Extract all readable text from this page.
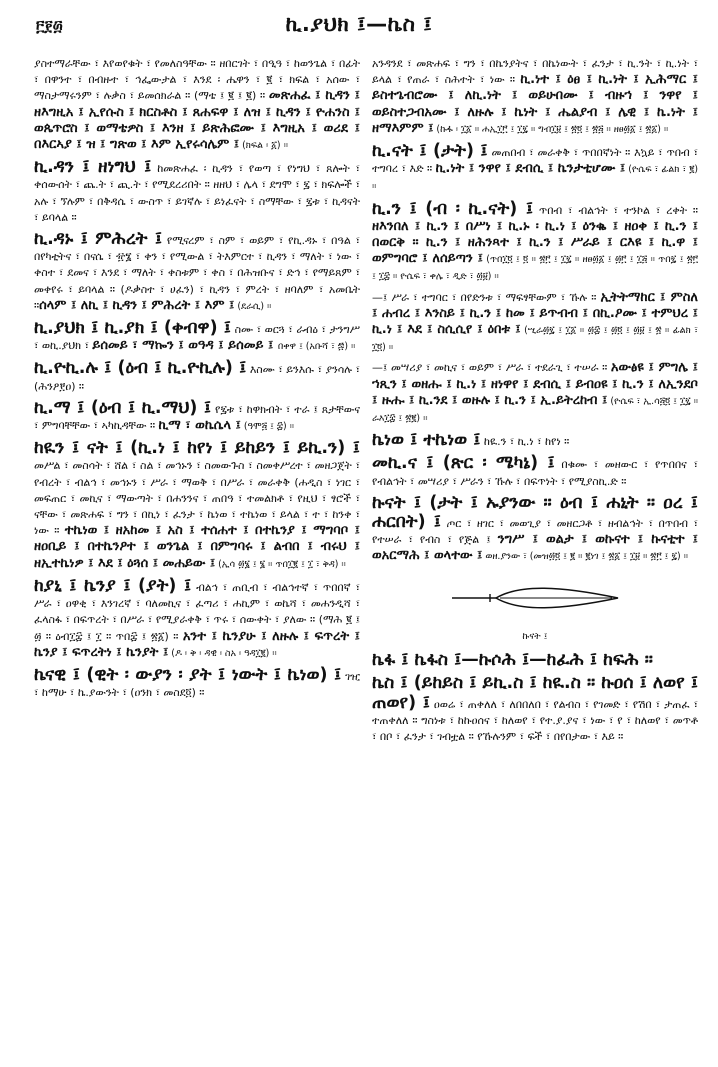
፫፻፴	ኪ.ያህክ ፤—ኬስ ፤

ያስተማራቸው ፣ እየወየቁት ፣ የመለስዓቸው ። ዘበርገት ፣ በዒዓ ፣ ከወንጌል ፣ በፊት ፣ በዋንተ ፣ በብዙተ ፣ ኅፌውታል ፣ እንደ ፡ ሔዋን ፣ ፪ ፣ ክፍል ፣ አሰው ፣ ማስታማሩንም ፣ ሉቃስ ፣ ይመሰክራል ። (ማቴ ፤ ፪ ፤ ፪) ። መጽሐፈ ፤ ኪዳን ፤ ዘእግዚአ ፤ ኢየሱስ ፤ ክርስቶስ ፤ ጸሐፍዋ ፤ ለዝ ፤ ኪዳን ፤ ዮሐንስ ፤ ወጴጥሮስ ፤ ወማቴዎስ ፤ እንዘ ፤ ይጽሕፎሙ ፤ እግዚአ ፤ ወሪደ ፤ በእርኣያ ፤ ዝ ፤ ግጽወ ፤ እም ኢየሩሳሌም ፤ (ክፍል ፡ ፩) ።

ኪ.ዳን ፤ ዘነግህ ፤ ከመጽሐፈ ፡ ኪዳን ፣ የወጣ ፣ የነግህ ፣ ጸሎት ፣ ቀሰውሰት ፣ ጨ.ት ፣ ጪ.ት ፣ የሚደረሪበት ። ዘዘህ ፣ ሌላ ፣ ደግሞ ፣ ፯ ፣ ክፍሎች ፣ አሉ ፣ ኘሉም ፣ በቅዳሴ ፣ ውስጥ ፣ ይገኛሉ ፣ ይነፈናት ፣ ስማቸው ፣ ፯ቱ ፣ ኪዳናት ፣ ይባላል ።

ኪ.ዳኑ ፤ ምሕረት ፤ የሚናረም ፣ ስም ፣ ወይም ፣ የኪ.ዳኑ ፣ በዓል ፣ በየካቲትና ፣ በናሴ ፣ ፹፮ ፣ ቀን ፣ የሚውል ፣ ትእምርተ ፣ ኪዳን ፣ ማለት ፣ ነው ፣ ቀስተ ፣ ደመና ፣ እንደ ፣ ማለት ፣ ቀስቱም ፣ ቀስ ፣ በሕዝቡና ፣ ድኅ ፣ የማይጸም ፣ መቀየሩ ፣ ይባላል ። (ዶቃስተ ፣ ሀፈን) ፣ ኪዳን ፣ ምረት ፣ ዘባለም ፣ አመቤት ።ሰላም ፤ ለኪ ፤ ኪዳን ፤ ምሕረት ፤ እም ፤ (ደራሲ) ።

ኪ.ያህክ ፤ ኪ.ያክ ፤ (ቀብዋ) ፤ ስሙ ፣ ወርጓ ፣ ራብዕ ፣ ታንግሥ ፣ ወኪ.ያህክ ፣ ይሰመይ ፣ ማኰን ፤ ወዓዳ ፤ ይሰመይ ፤ በቀዋ ፤ (አቡሻ ፣ ፷) ።

ኪ.ዮኪ.ሉ ፤ (ዕብ ፤ ኪ.ዮኪሉ) ፤ እስሙ ፣ ይንእሱ ፣ ያንሳሉ ፣ (ሕንዖ፻ዐ) ።

ኪ.ማ ፤ (ዕብ ፤ ኪ.ማህ) ፤ የ፯ቱ ፣ ከዋክብት ፣ ተራ ፤ ጸታቸውና ፣ ምግባቸቸው ፣ ኣካኪዳቸው ። ኪማ ፣ ወኬሴላ ፤ (ዓሞ፭ ፤ ፰) ።

ከዪን ፤ ናት ፤ (ኪ.ነ ፤ ከየነ ፤ ይከይን ፤ ይኪ.ን) ፤ መሥል ፣ መስሳት ፣ ሸል ፣ ስል ፣ መኅኑን ፣ ስመውጉስ ፣ ስመቀሥረተ ፣ መዘጋጀት ፣ የብረት ፣ ብልኅ ፣ መኅኑን ፣ ሥራ ፣ ማወቅ ፣ በሥራ ፣ መራቀቅ (ሐዲስ ፣ ነገር ፣ መፍጠር ፣ መኪና ፣ ማውጣት ፣ በሐንንና ፣ ጠበዓ ፣ ተመልክቶ ፣ የዚህ ፣ ፃሮች ፣ ናቸው ፣ መጽሐፍ ፣ ግን ፣ በኪነ ፣ ፈንታ ፣ ኬነወ ፣ ተኬነወ ፣ ይላል ፣ ተ ፣ ከንቀ ፣ ነው ። ተኬነወ ፤ ዘአከመ ፤ አስ ፤ ተሰሐተ ፤ በተኬንያ ፤ ማግባቦ ፤ ዘዐቢይ ፤ በተኬንዖተ ፤ ወንጌል ፤ በምግባሩ ፤ ልብበ ፤ ብሩህ ፤ ዘኢተኬነዎ ፤ እደ ፤ ዕጓሰ ፤ መሐይው ፤ (ኢሳ ፴፮ ፤ ፮ ። ጥበ፲፪ ፤ ፲ ፣ ቅዳ) ።

ከያኒ ፤ ኬንያ ፤ (ያት) ፤ ብልኅ ፣ ጠቢብ ፣ ብልኅተኛ ፣ ጥበበኛ ፣ ሥራ ፣ ዐዋቂ ፣ እንገረኛ ፣ ባለመኪና ፣ ፈጣሪ ፣ ሐኪም ፣ ወኬሻ ፣ መሐንዲሻ ፣ ፈላስፋ ፣ በፍጥረት ፣ በሥራ ፣ የሚያራቀቅ ፣ ጥሩ ፣ ሰውቀት ፣ ያለው ። (ማሕ ፪ ፤ ፴ ። ዕብ፲፰ ፤ ፲ ። ጥበ፰ ፤ ፳፩) ። አንተ ፤ ኬንያሁ ፤ ለዙሉ ፤ ፍጥረት ፤ ኬንያ ፤ ፍጥረትነ ፤ ኬንያት ፤ (ዶ ፡ ቅ ፡ ዳዊ ፡ ስአ ፡ ዓዳ፲፪) ።

ኬናዊ ፤ (ዊት ፡ ውያን ፡ ያት ፤ ነውት ፤ ኬነወ) ፤ ገዢ ፣ ከማሁ ፣ ኬ.ያውንት ፣ (ዐንክ ፣ መስደ፬) ።

አንዳንደ ፣ መጽሐፍ ፣ ግን ፣ በኬንያትና ፣ በኬነውት ፣ ፈንታ ፣ ኪ.ንት ፣ ኪ.ነት ፣ ይላል ፣ የጠራ ፣ ስሕተት ፣ ነው ። ኪ.ነተ ፤ ዕፀ ፤ ኪ.ነት ፤ ኢሕማር ፤ ይስተጌብሮሙ ፤ ለኪ.ነት ፤ ወይሁበሙ ፤ ብዙኀ ፤ ንዋየ ፤ ወይስተጋብአሙ ፤ ለዙሉ ፤ ኬነት ፤ ሔልያብ ፤ ሌዊ ፤ ኬ.ነት ፤ ዘማእምም ፤ (ኩፋ ፡ ፲፩ ። ሐኢ፲፫ ፤ ፲፯ ። ግብ፲፱ ፤ ፳፬ ፤ ፳፭ ። ዘፀ፴፩ ፤ ፳፩) ።

ኪ.ናት ፤ (ታት) ፤ መጠበብ ፣ መራቀቅ ፣ ጥበበኛነት ። እኳይ ፣ ጥበብ ፣ ተግባረ ፣ እድ ። ኪ.ነት ፤ ንዋየ ፤ ደብሲ ፤ ኬንታቲሆሙ ፤ (ዮሴፍ ፣ ፊልክ ፣ ፪) ።

ኪ.ን ፤ (ብ ፡ ኪ.ናት) ፤ ጥበብ ፣ ብልኅት ፣ ተንኮል ፣ ረቀት ። ዘእንበለ ፤ ኪ.ን ፤ በሥነ ፤ ኪ.ኑ ፡ ኪ.ነ ፤ ዕንቈ ፤ ዘዐቀ ፤ ኪ.ን ፤ በወርቅ ። ኪ.ን ፤ ዘሕንጻተ ፤ ኪ.ን ፤ ሥራይ ፤ ርእዩ ፤ ኪ.ዋ ፤ ወምግባሮ ፤ ለሰይጣን ፤ (ጥበ፲፬ ፤ ፬ ። ፳፫ ፤ ፲፯ ። ዘፀ፴፩ ፤ ፴፫ ፤ ፲፭ ። ጥበ፯ ፤ ፳፫ ፤ ፲፰ ። ዮሴፍ ፣ ቀሌ ፣ ዲድ ፣ ፴፱) ።

—፤ ሥራ ፣ ተግባር ፣ በየድንቱ ፣ ማፍፃቸውም ፣ ኹሉ ። ኢትትማከር ፤ ምስለ ፤ ሐብረ ፤ እንስይ ፤ ኪ.ን ፤ ከመ ፤ ይጥብብ ፤ በኪ.ዖሙ ፤ ተምህረ ፤ ኪ.ነ ፤ እደ ፤ ስሲሲየ ፤ ዕበቱ ፤ (ሢራ፴፯ ፤ ፲፩ ። ፴፰ ፤ ፴፬ ፤ ፴፱ ፤ ፳ ። ፊልክ ፣ ፲፬) ።

—፤ መሣሪያ ፣ መኪና ፣ ወይም ፣ ሥራ ፣ ተደራጊ ፣ ተሠራ ። አውፅዩ ፤ ምግሌ ፤ ኀጺን ፤ ወዘሑ ፤ ኪ.ነ ፤ ዘነዋየ ፤ ደብሲ ፤ ይብዐዩ ፤ ኪ.ን ፤ ለኢንደቦ ፤ ዙሑ ፤ ኪ.ንደ ፤ ወዙሉ ፤ ኪ.ን ፤ ኢ.ይትረከብ ፤ (ዮሴፍ ፣ ኢ.ሳ፭፬ ፤ ፲፯ ። ራእ፲፰ ፤ ፳፪) ።

ኬነወ ፤ ተኬነወ ፤ ከዪ.ን ፣ ኪ.ነ ፣ ከየነ ።

መኪ.ና ፤ (ጽር ፡ ሜካኔ) ፤ በቁሙ ፣ መዘውር ፣ የጥበበና ፣ የብልኅት ፣ መሣሪያ ፣ ሥራን ፣ ኹሉ ፣ በፍጥነት ፣ የሚያስኪ.ድ ።

ኩናት ፤ (ታት ፤ ኡያንው ። ዕብ ፤ ሐኒት ። ዐረ ፤ ሐርበት) ፤ ጦር ፣ ዘገር ፣ መወጊያ ፣ መዘርጋቶ ፣ ዘብልኅት ፣ በጥበብ ፣ የተሠራ ፣ የብስ ፣ የጅል ፤ ንግሥ ፤ ወልታ ፤ ወኩናተ ፤ ኩናቲተ ፤ ወአርማሕ ፤ ወላተው ፤ ወዘ.ያንው ፣ (መዝ፴፬ ፤ ፪ ። ፪ነገ ፤ ፳፩ ፤ ፲፱ ። ፳፫ ፤ ፯) ።

ኩናት ፤

ኬፋ ፤ ኬፋስ ፤—ኩሶሕ ፤—ከፈሕ ፤ ከፍሕ ።

ኬስ ፤ (ይከይስ ፤ ይኪ.ስ ፤ ከዪ.ስ ። ኩዐሰ ፤ ለወየ ፤ ጠወየ) ፤ ዐወሬ ፣ ጠቀለለ ፣ ለበበለበ ፣ የልብስ ፣ የገመድ ፣ የሽበ ፣ ታጠፈ ፣ ተጠቀለለ ። ግስነቱ ፣ ከኩዐሰና ፣ ከለወየ ፣ የተ.ያ.ያና ፣ ነው ፣ የ ፣ ከለወየ ፣ መጥቶ ፣ በቦ ፣ ፈንታ ፣ ገብቷል ። የኹሉንም ፣ ፍች ፣ በየበታው ፣ እይ ።
